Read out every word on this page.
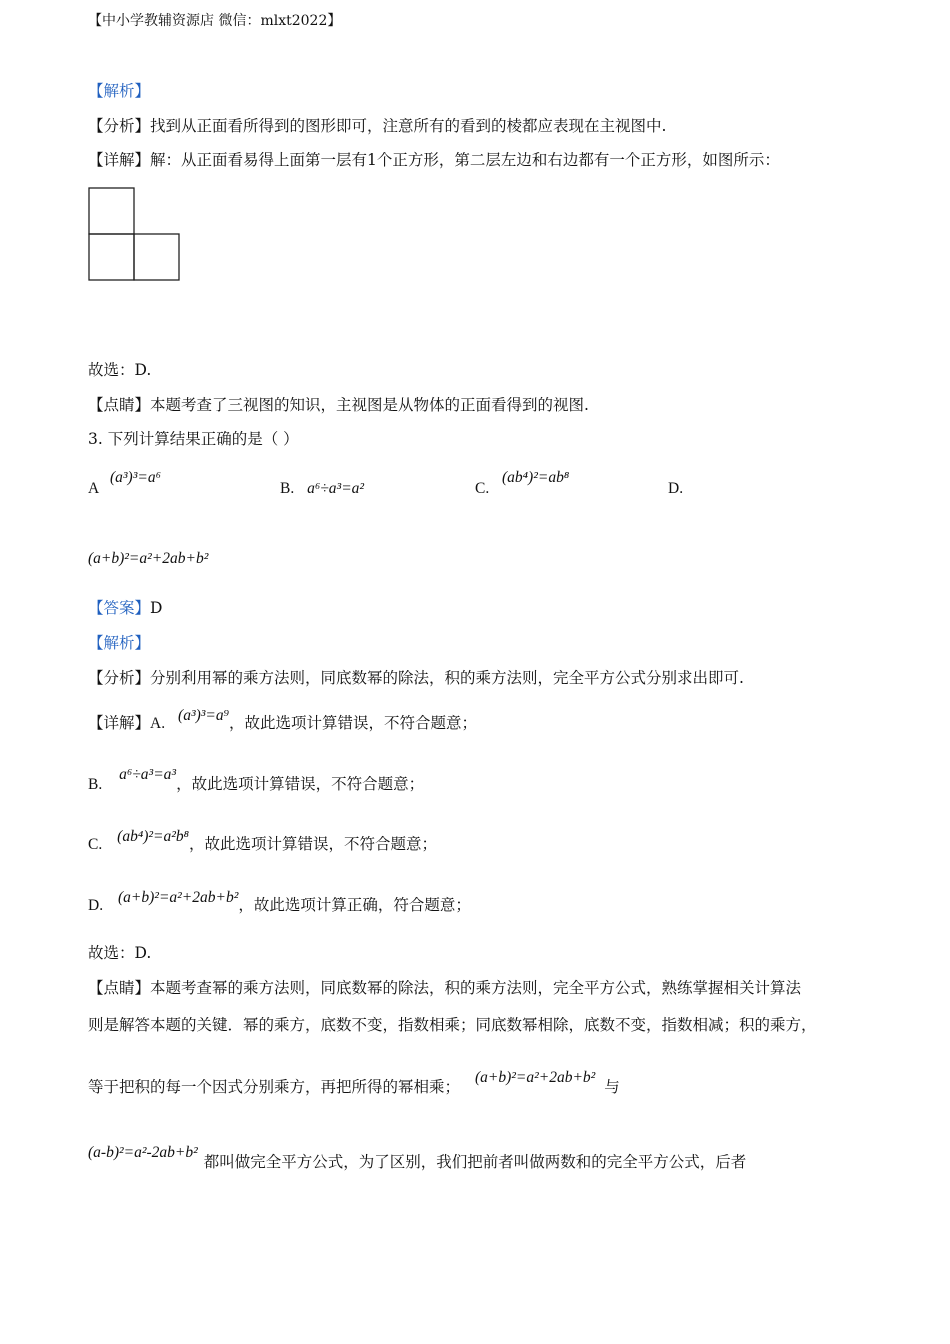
【中小学教辅资源店 微信：mlxt2022】
【解析】
【分析】找到从正面看所得到的图形即可，注意所有的看到的棱都应表现在主视图中.
【详解】解：从正面看易得上面第一层有1个正方形，第二层左边和右边都有一个正方形，如图所示：
故选：D.
【点睛】本题考查了三视图的知识，主视图是从物体的正面看得到的视图.
3. 下列计算结果正确的是（ ）
A
(a³)³=a⁶
B. a⁶÷a³=a²	C.
(ab⁴)²=ab⁸
D.
(a+b)²=a²+2ab+b²
【答案】D
【解析】
【分析】分别利用幂的乘方法则，同底数幂的除法，积的乘方法则，完全平方公式分别求出即可.
【详解】A. (a³)³=a⁹，故此选项计算错误，不符合题意；
B. a⁶÷a³=a³，故此选项计算错误，不符合题意；
C. (ab⁴)²=a²b⁸，故此选项计算错误，不符合题意；
D. (a+b)²=a²+2ab+b²，故此选项计算正确，符合题意；
故选：D.
【点睛】本题考查幂的乘方法则，同底数幂的除法，积的乘方法则，完全平方公式，熟练掌握相关计算法
则是解答本题的关键．幂的乘方，底数不变，指数相乘；同底数幂相除，底数不变，指数相减；积的乘方，
等于把积的每一个因式分别乘方，再把所得的幂相乘； (a+b)²=a²+2ab+b² 与
(a-b)²=a²-2ab+b²都叫做完全平方公式，为了区别，我们把前者叫做两数和的完全平方公式，后者
